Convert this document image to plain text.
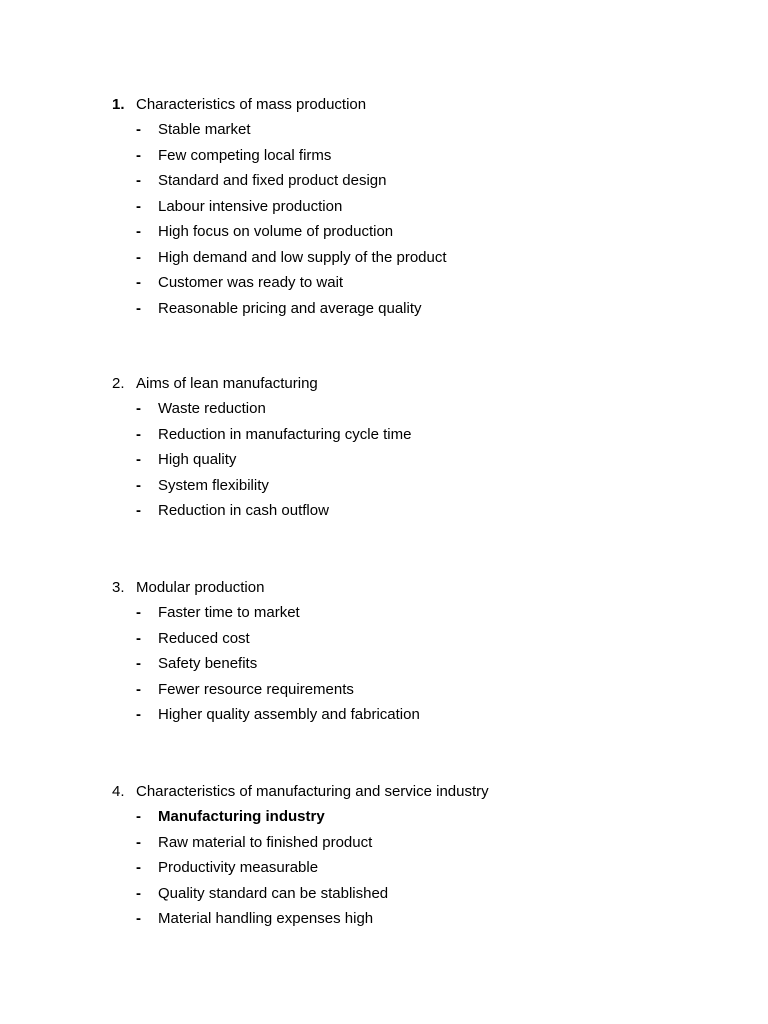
1. Characteristics of mass production
-	Stable market
-	Few competing local firms
-	Standard and fixed product design
-	Labour intensive production
-	High focus on volume of production
-	High demand and low supply of the product
-	Customer was ready to wait
-	Reasonable pricing and average quality
2. Aims of lean manufacturing
-	Waste reduction
-	Reduction in manufacturing cycle time
-	High quality
-	System flexibility
-	Reduction in cash outflow
3. Modular production
-	Faster time to market
-	Reduced cost
-	Safety benefits
-	Fewer resource requirements
-	Higher quality assembly and fabrication
4. Characteristics of manufacturing and service industry
-	Manufacturing industry
-	Raw material to finished product
-	Productivity measurable
-	Quality standard can be stablished
-	Material handling expenses high
